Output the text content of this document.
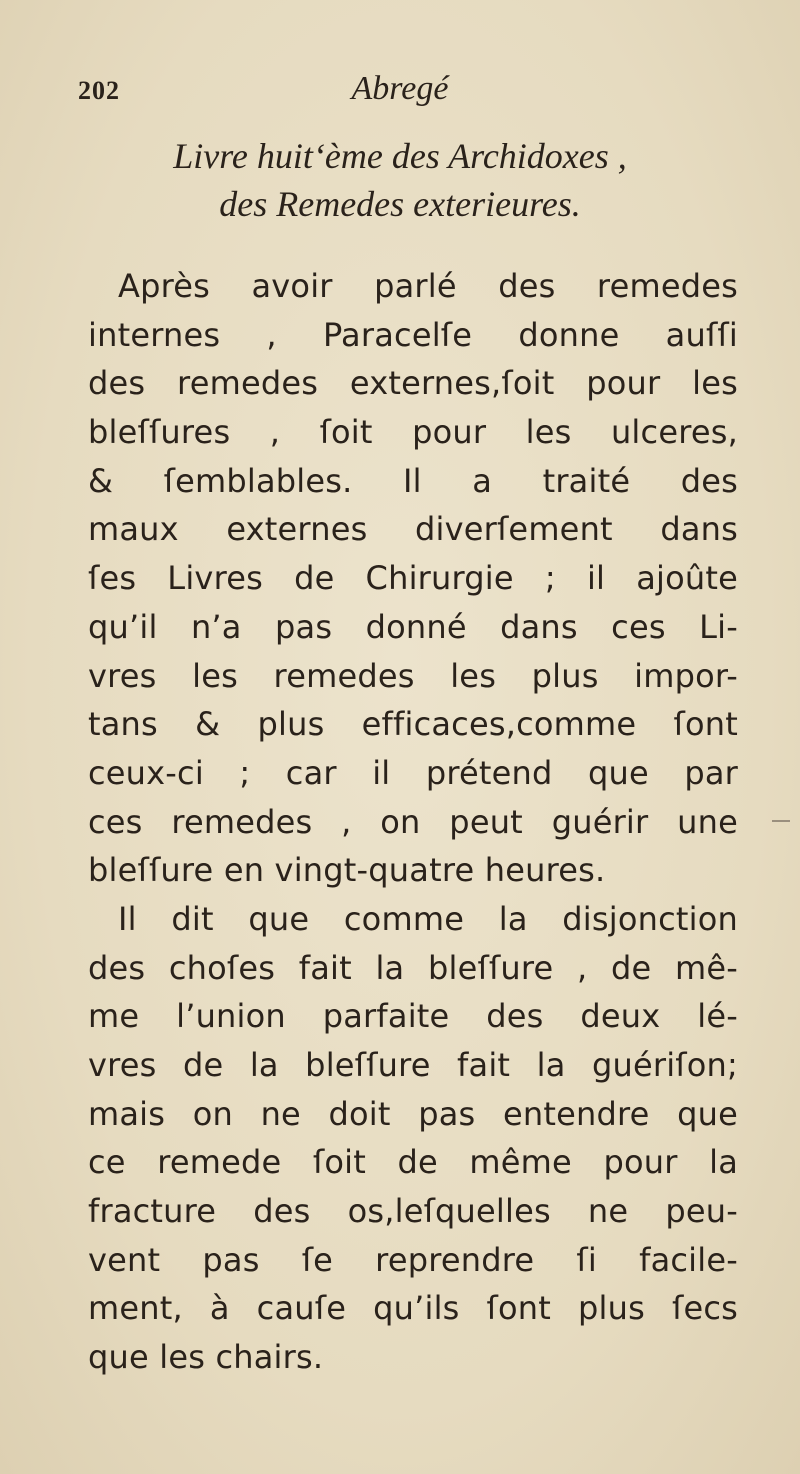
202	Abregé
Livre huit‘ème des Archidoxes ,
des Remedes exterieures.
Après avoir parlé des remedes
internes , Paracelſe donne auſſi
des remedes externes,ſoit pour les
bleſſures , ſoit pour les ulceres,
& ſemblables. Il a traité des
maux externes diverſement dans
ſes Livres de Chirurgie ; il ajoûte
qu’il n’a pas donné dans ces Li-
vres les remedes les plus impor-
tans & plus efficaces,comme ſont
ceux-ci ; car il prétend que par
ces remedes , on peut guérir une
bleſſure en vingt-quatre heures.
Il dit que comme la disjonction
des choſes fait la bleſſure , de mê-
me l’union parfaite des deux lé-
vres de la bleſſure fait la guériſon;
mais on ne doit pas entendre que
ce remede ſoit de même pour la
fracture des os,leſquelles ne peu-
vent pas ſe reprendre ſi facile-
ment, à cauſe qu’ils ſont plus ſecs
que les chairs.
